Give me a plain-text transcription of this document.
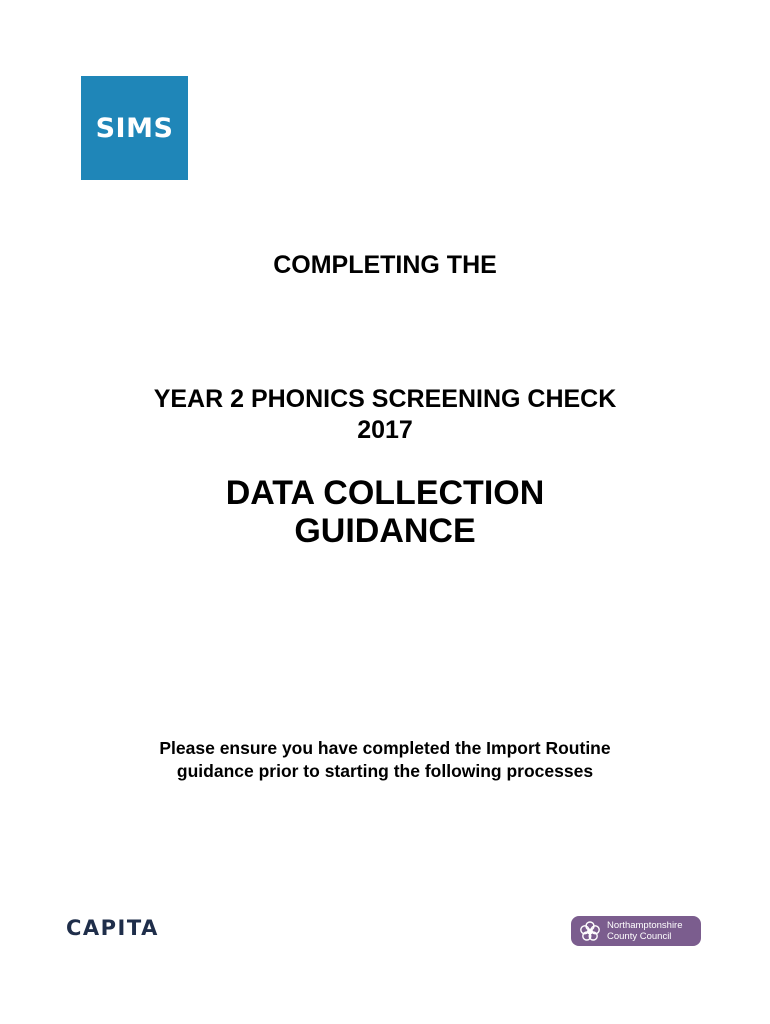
SIMS
COMPLETING THE
YEAR 2 PHONICS SCREENING CHECK
2017
DATA COLLECTION
GUIDANCE
Please ensure you have completed the Import Routine
guidance prior to starting the following processes
CAPITA	Northamptonshire
County Council
